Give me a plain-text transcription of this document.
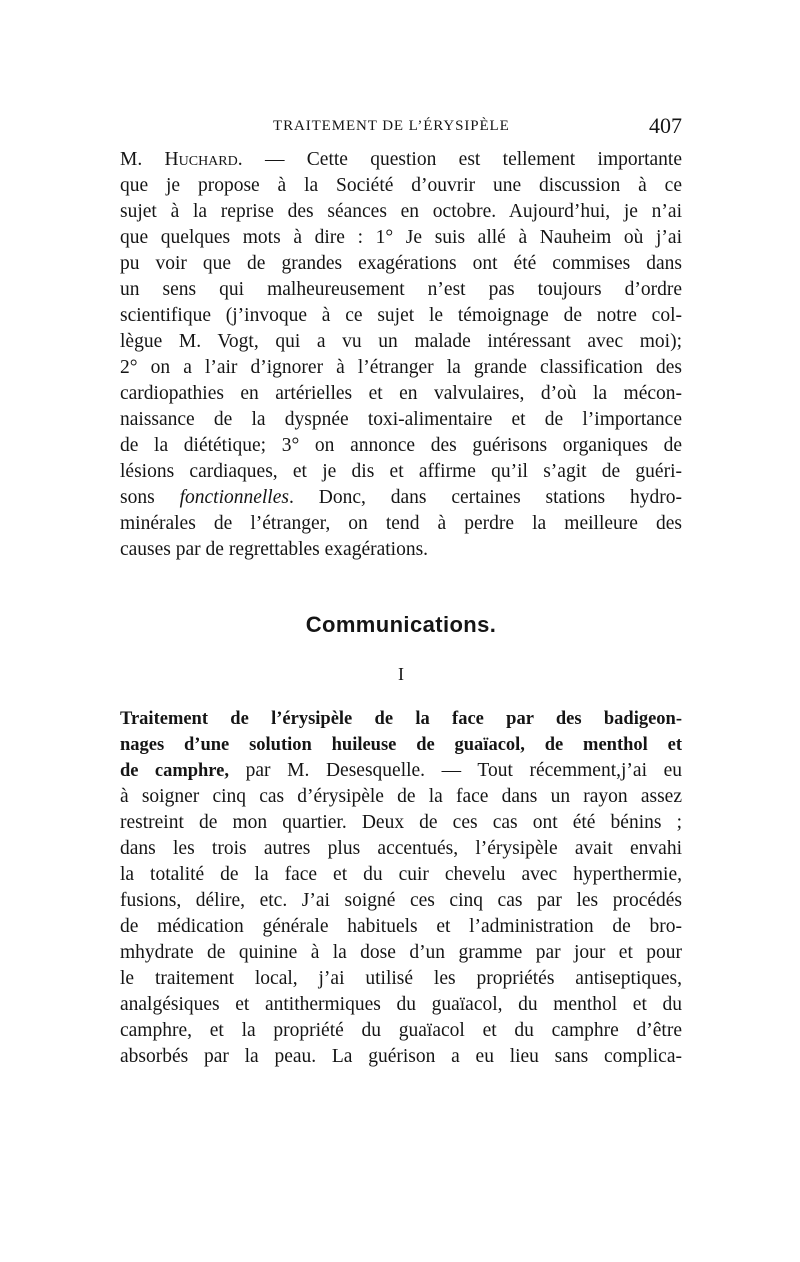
TRAITEMENT DE L’ÉRYSIPÈLE	407

M. Huchard. — Cette question est tellement importante
que je propose à la Société d’ouvrir une discussion à ce
sujet à la reprise des séances en octobre. Aujourd’hui, je n’ai
que quelques mots à dire : 1° Je suis allé à Nauheim où j’ai
pu voir que de grandes exagérations ont été commises dans
un sens qui malheureusement n’est pas toujours d’ordre
scientifique (j’invoque à ce sujet le témoignage de notre col-
lègue M. Vogt, qui a vu un malade intéressant avec moi);
2° on a l’air d’ignorer à l’étranger la grande classification des
cardiopathies en artérielles et en valvulaires, d’où la mécon-
naissance de la dyspnée toxi-alimentaire et de l’importance
de la diététique; 3° on annonce des guérisons organiques de
lésions cardiaques, et je dis et affirme qu’il s’agit de guéri-
sons fonctionnelles. Donc, dans certaines stations hydro-
minérales de l’étranger, on tend à perdre la meilleure des
causes par de regrettables exagérations.

Communications.
I

Traitement de l’érysipèle de la face par des badigeon-
nages d’une solution huileuse de guaïacol, de menthol et
de camphre, par M. Desesquelle. — Tout récemment,j’ai eu
à soigner cinq cas d’érysipèle de la face dans un rayon assez
restreint de mon quartier. Deux de ces cas ont été bénins ;
dans les trois autres plus accentués, l’érysipèle avait envahi
la totalité de la face et du cuir chevelu avec hyperthermie,
fusions, délire, etc. J’ai soigné ces cinq cas par les procédés
de médication générale habituels et l’administration de bro-
mhydrate de quinine à la dose d’un gramme par jour et pour
le traitement local, j’ai utilisé les propriétés antiseptiques,
analgésiques et antithermiques du guaïacol, du menthol et du
camphre, et la propriété du guaïacol et du camphre d’être
absorbés par la peau. La guérison a eu lieu sans complica-
